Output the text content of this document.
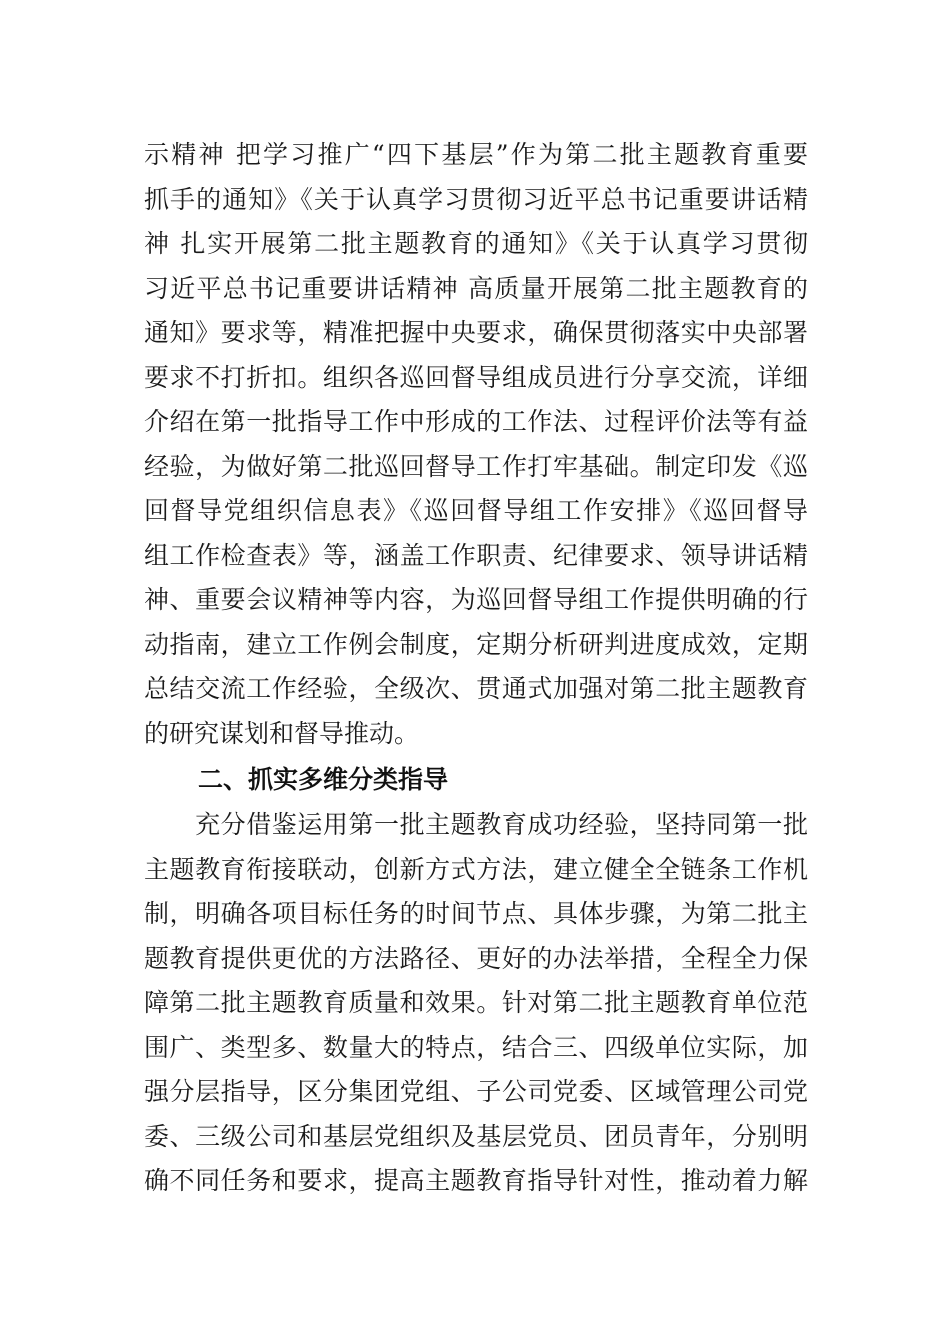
示精神 把学习推广“四下基层”作为第二批主题教育重要
抓手的通知》《关于认真学习贯彻习近平总书记重要讲话精
神 扎实开展第二批主题教育的通知》《关于认真学习贯彻
习近平总书记重要讲话精神 高质量开展第二批主题教育的
通知》要求等，精准把握中央要求，确保贯彻落实中央部署
要求不打折扣。组织各巡回督导组成员进行分享交流，详细
介绍在第一批指导工作中形成的工作法、过程评价法等有益
经验，为做好第二批巡回督导工作打牢基础。制定印发《巡
回督导党组织信息表》《巡回督导组工作安排》《巡回督导
组工作检查表》等，涵盖工作职责、纪律要求、领导讲话精
神、重要会议精神等内容，为巡回督导组工作提供明确的行
动指南，建立工作例会制度，定期分析研判进度成效，定期
总结交流工作经验，全级次、贯通式加强对第二批主题教育
的研究谋划和督导推动。
二、抓实多维分类指导
　　充分借鉴运用第一批主题教育成功经验，坚持同第一批
主题教育衔接联动，创新方式方法，建立健全全链条工作机
制，明确各项目标任务的时间节点、具体步骤，为第二批主
题教育提供更优的方法路径、更好的办法举措，全程全力保
障第二批主题教育质量和效果。针对第二批主题教育单位范
围广、类型多、数量大的特点，结合三、四级单位实际，加
强分层指导，区分集团党组、子公司党委、区域管理公司党
委、三级公司和基层党组织及基层党员、团员青年，分别明
确不同任务和要求，提高主题教育指导针对性，推动着力解
